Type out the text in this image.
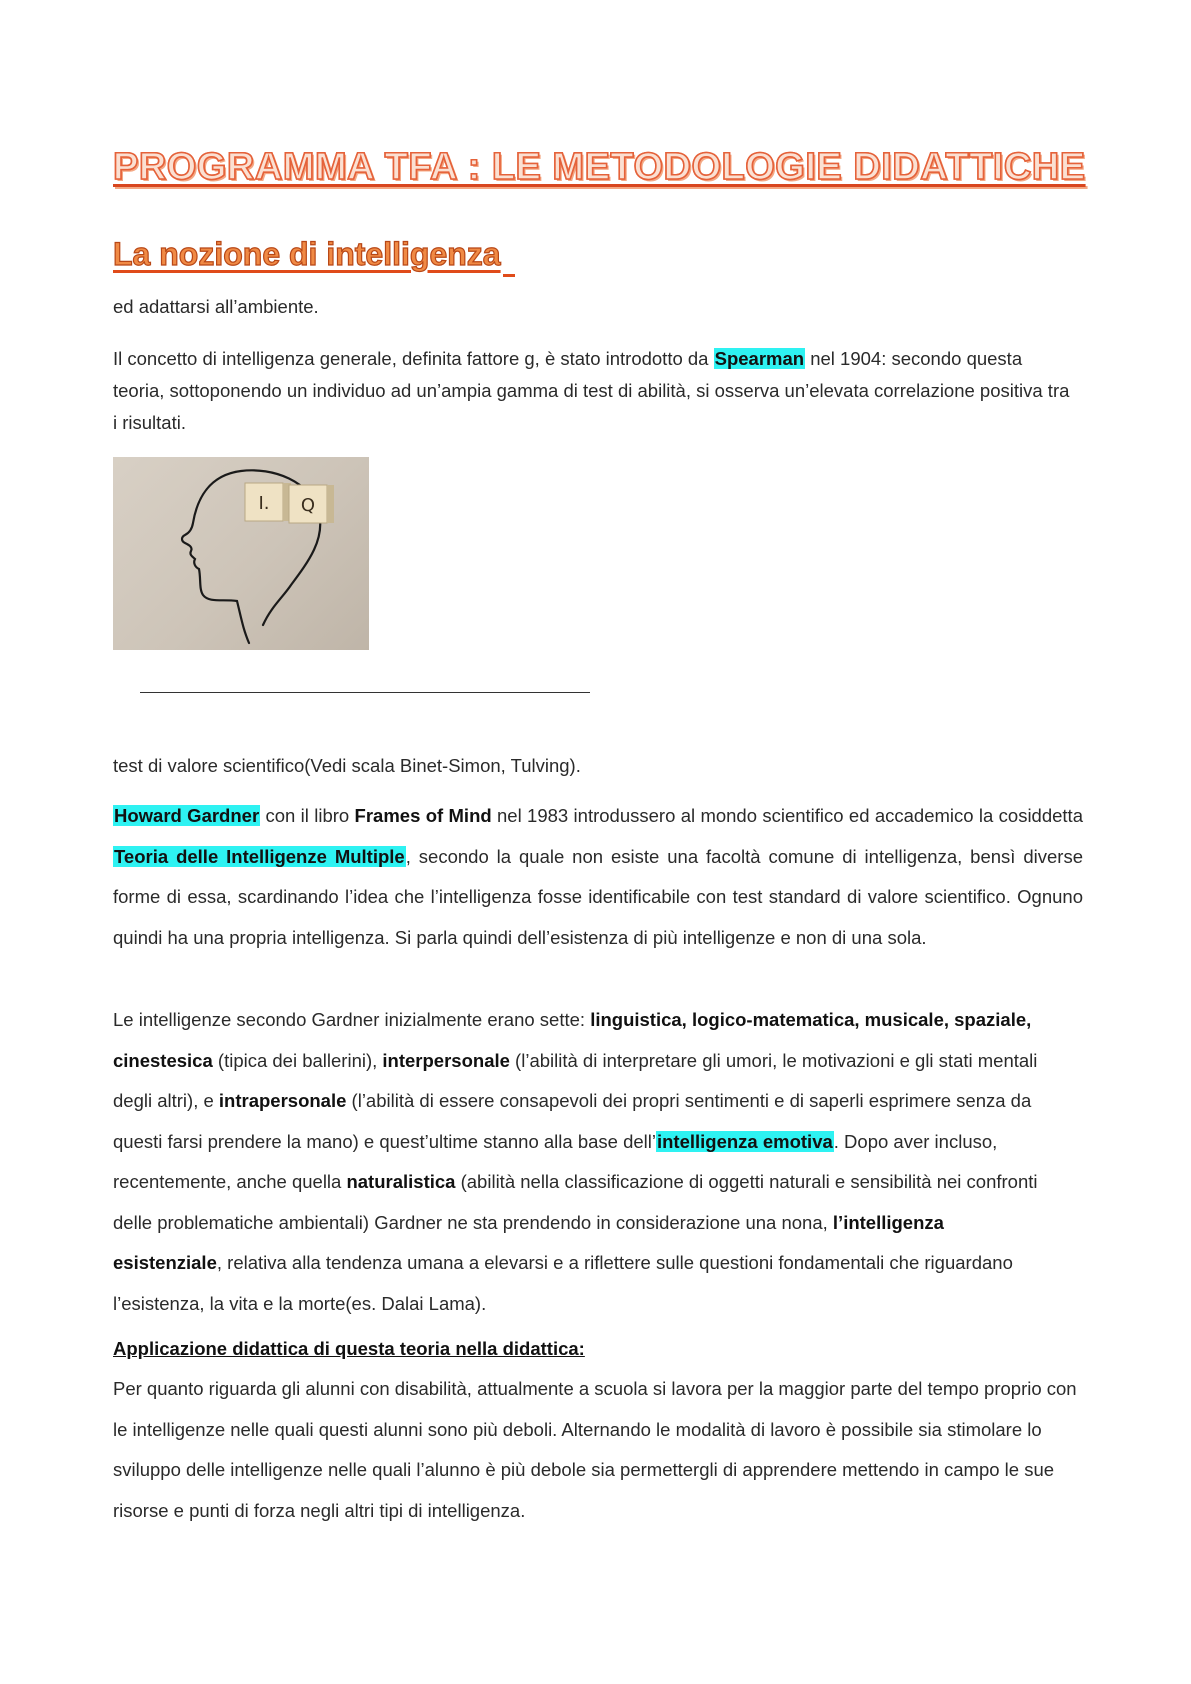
PROGRAMMA TFA : LE METODOLOGIE DIDATTICHE
La nozione di intelligenza

ed adattarsi all’ambiente.

Il concetto di intelligenza generale, definita fattore g, è stato introdotto da Spearman nel 1904: secondo questa teoria, sottoponendo un individuo ad un’ampia gamma di test di abilità, si osserva un’elevata correlazione positiva tra i risultati.

I. Q

test di valore scientifico(Vedi scala Binet-Simon, Tulving).

Howard Gardner con il libro Frames of Mind nel 1983 introdussero al mondo scientifico ed accademico la cosiddetta Teoria delle Intelligenze Multiple, secondo la quale non esiste una facoltà comune di intelligenza, bensì diverse forme di essa, scardinando l’idea che l’intelligenza fosse identificabile con test standard di valore scientifico. Ognuno quindi ha una propria intelligenza. Si parla quindi dell’esistenza di più intelligenze e non di una sola.

Le intelligenze secondo Gardner inizialmente erano sette: linguistica, logico-matematica, musicale, spaziale, cinestesica (tipica dei ballerini), interpersonale (l’abilità di interpretare gli umori, le motivazioni e gli stati mentali degli altri), e intrapersonale (l’abilità di essere consapevoli dei propri sentimenti e di saperli esprimere senza da questi farsi prendere la mano) e quest’ultime stanno alla base dell’intelligenza emotiva. Dopo aver incluso, recentemente, anche quella naturalistica (abilità nella classificazione di oggetti naturali e sensibilità nei confronti delle problematiche ambientali) Gardner ne sta prendendo in considerazione una nona, l’intelligenza esistenziale, relativa alla tendenza umana a elevarsi e a riflettere sulle questioni fondamentali che riguardano l’esistenza, la vita e la morte(es. Dalai Lama).

Applicazione didattica di questa teoria nella didattica:

Per quanto riguarda gli alunni con disabilità, attualmente a scuola si lavora per la maggior parte del tempo proprio con le intelligenze nelle quali questi alunni sono più deboli. Alternando le modalità di lavoro è possibile sia stimolare lo sviluppo delle intelligenze nelle quali l’alunno è più debole sia permettergli di apprendere mettendo in campo le sue risorse e punti di forza negli altri tipi di intelligenza.
